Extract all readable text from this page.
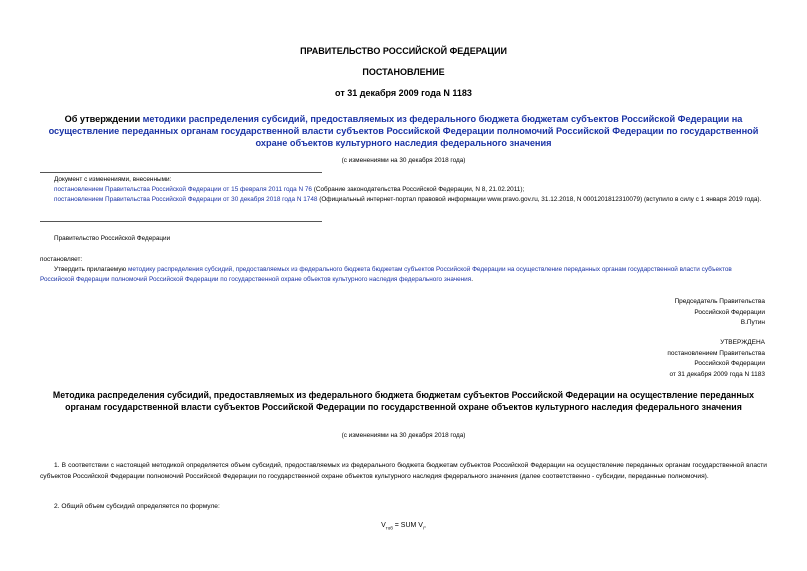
ПРАВИТЕЛЬСТВО РОССИЙСКОЙ ФЕДЕРАЦИИ
ПОСТАНОВЛЕНИЕ
от 31 декабря 2009 года N 1183
Об утверждении методики распределения субсидий, предоставляемых из федерального бюджета бюджетам субъектов Российской Федерации на осуществление переданных органам государственной власти субъектов Российской Федерации полномочий Российской Федерации по государственной охране объектов культурного наследия федерального значения
(с изменениями на 30 декабря 2018 года)
Документ с изменениями, внесенными:
постановлением Правительства Российской Федерации от 15 февраля 2011 года N 76 (Собрание законодательства Российской Федерации, N 8, 21.02.2011);
постановлением Правительства Российской Федерации от 30 декабря 2018 года N 1748 (Официальный интернет-портал правовой информации www.pravo.gov.ru, 31.12.2018, N 0001201812310079) (вступило в силу с 1 января 2019 года).
Правительство Российской Федерации
постановляет:
Утвердить прилагаемую методику распределения субсидий, предоставляемых из федерального бюджета бюджетам субъектов Российской Федерации на осуществление переданных органам государственной власти субъектов Российской Федерации полномочий Российской Федерации по государственной охране объектов культурного наследия федерального значения.
Председатель Правительства
Российской Федерации
В.Путин
УТВЕРЖДЕНА
постановлением Правительства
Российской Федерации
от 31 декабря 2009 года N 1183
Методика распределения субсидий, предоставляемых из федерального бюджета бюджетам субъектов Российской Федерации на осуществление переданных органам государственной власти субъектов Российской Федерации по государственной охране объектов культурного наследия федерального значения
(с изменениями на 30 декабря 2018 года)
1. В соответствии с настоящей методикой определяется объем субсидий, предоставляемых из федерального бюджета бюджетам субъектов Российской Федерации на осуществление переданных органам государственной власти субъектов Российской Федерации полномочий Российской Федерации по государственной охране объектов культурного наследия федерального значения (далее соответственно - субсидии, переданные полномочия).
2. Общий объем субсидий определяется по формуле:
$V_{тоб}$ = SUM $V_i$,
